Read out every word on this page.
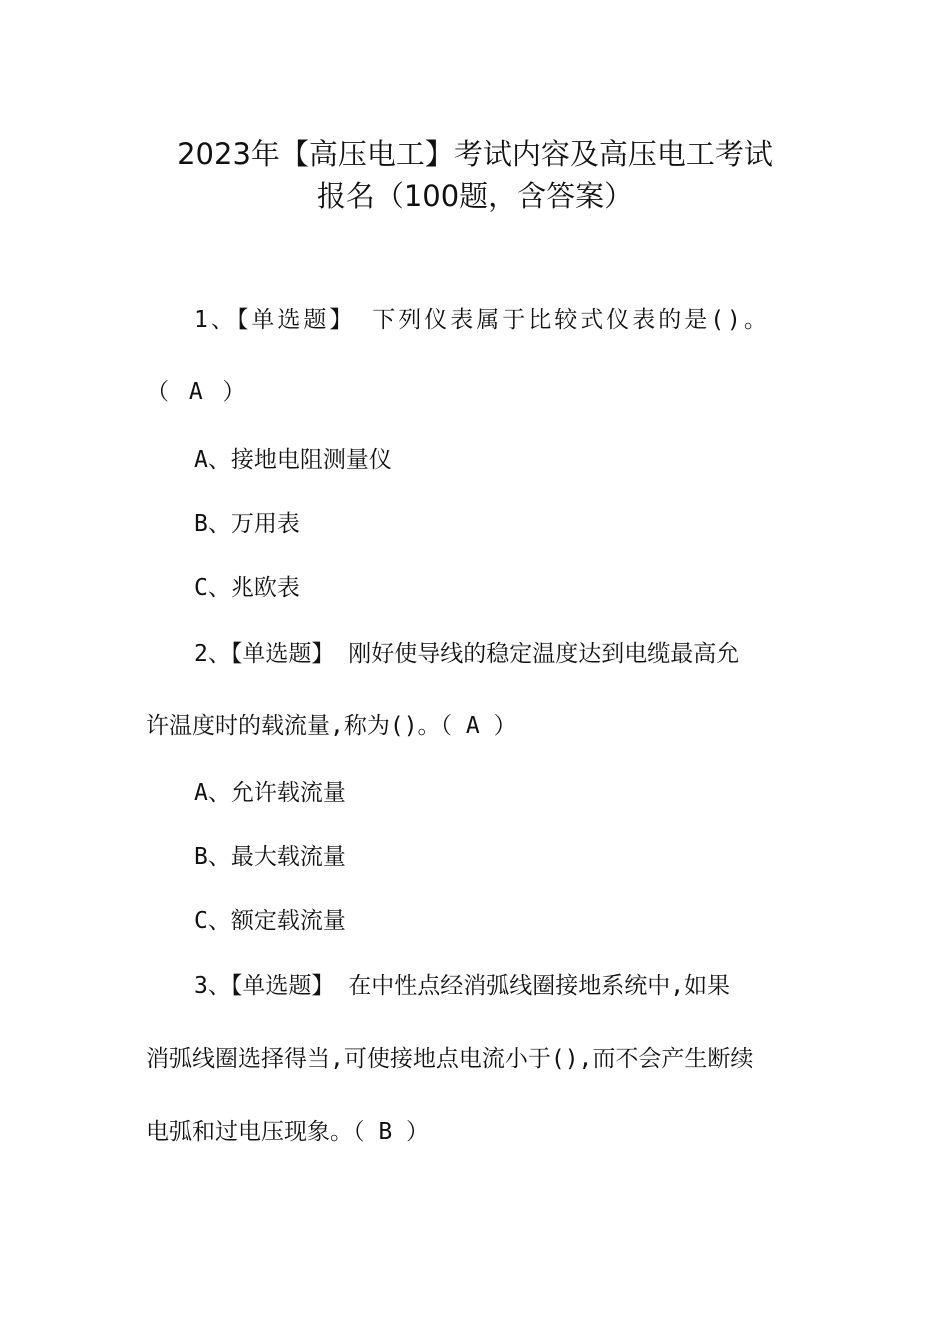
2023年【高压电工】考试内容及高压电工考试
报名（100题，含答案）

1、【单选题】 下列仪表属于比较式仪表的是()。

（ A ）

A、接地电阻测量仪

B、万用表

C、兆欧表

2、【单选题】 刚好使导线的稳定温度达到电缆最高允

许温度时的载流量,称为()。（ A ）

A、允许载流量

B、最大载流量

C、额定载流量

3、【单选题】 在中性点经消弧线圈接地系统中,如果

消弧线圈选择得当,可使接地点电流小于(),而不会产生断续

电弧和过电压现象。（ B ）
